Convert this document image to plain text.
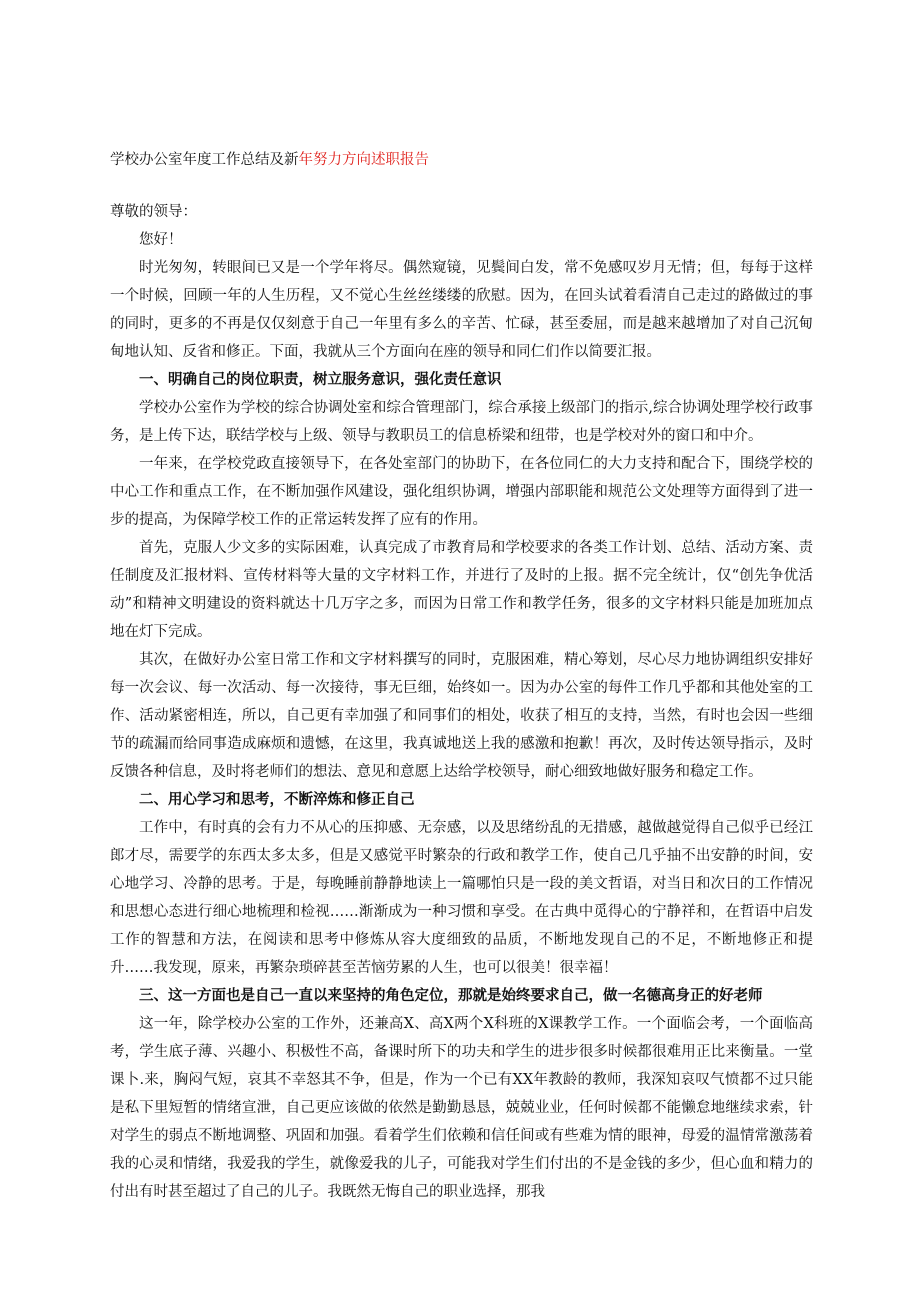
学校办公室年度工作总结及新年努力方向述职报告

尊敬的领导：

您好！

时光匆匆，转眼间已又是一个学年将尽。偶然窥镜，见鬓间白发，常不免感叹岁月无情；但，每每于这样一个时候，回顾一年的人生历程，又不觉心生丝丝缕缕的欣慰。因为，在回头试着看清自己走过的路做过的事的同时，更多的不再是仅仅刻意于自己一年里有多么的辛苦、忙碌，甚至委屈，而是越来越增加了对自己沉甸甸地认知、反省和修正。下面，我就从三个方面向在座的领导和同仁们作以简要汇报。

一、明确自己的岗位职责，树立服务意识，强化责任意识

学校办公室作为学校的综合协调处室和综合管理部门，综合承接上级部门的指示,综合协调处理学校行政事务，是上传下达，联结学校与上级、领导与教职员工的信息桥梁和纽带，也是学校对外的窗口和中介。

一年来，在学校党政直接领导下，在各处室部门的协助下，在各位同仁的大力支持和配合下，围绕学校的中心工作和重点工作，在不断加强作风建设，强化组织协调，增强内部职能和规范公文处理等方面得到了进一步的提高，为保障学校工作的正常运转发挥了应有的作用。

首先，克服人少文多的实际困难，认真完成了市教育局和学校要求的各类工作计划、总结、活动方案、责任制度及汇报材料、宣传材料等大量的文字材料工作，并进行了及时的上报。据不完全统计，仅“创先争优活动”和精神文明建设的资料就达十几万字之多，而因为日常工作和教学任务，很多的文字材料只能是加班加点地在灯下完成。

其次，在做好办公室日常工作和文字材料撰写的同时，克服困难，精心筹划，尽心尽力地协调组织安排好每一次会议、每一次活动、每一次接待，事无巨细，始终如一。因为办公室的每件工作几乎都和其他处室的工作、活动紧密相连，所以，自己更有幸加强了和同事们的相处，收获了相互的支持，当然，有时也会因一些细节的疏漏而给同事造成麻烦和遗憾，在这里，我真诚地送上我的感激和抱歉！再次，及时传达领导指示，及时反馈各种信息，及时将老师们的想法、意见和意愿上达给学校领导，耐心细致地做好服务和稳定工作。

二、用心学习和思考，不断淬炼和修正自己

工作中，有时真的会有力不从心的压抑感、无奈感，以及思绪纷乱的无措感，越做越觉得自己似乎已经江郎才尽，需要学的东西太多太多，但是又感觉平时繁杂的行政和教学工作，使自己几乎抽不出安静的时间，安心地学习、冷静的思考。于是，每晚睡前静静地读上一篇哪怕只是一段的美文哲语，对当日和次日的工作情况和思想心态进行细心地梳理和检视……渐渐成为一种习惯和享受。在古典中觅得心的宁静祥和，在哲语中启发工作的智慧和方法，在阅读和思考中修炼从容大度细致的品质，不断地发现自己的不足，不断地修正和提升……我发现，原来，再繁杂琐碎甚至苦恼劳累的人生，也可以很美！很幸福！

三、这一方面也是自己一直以来坚持的角色定位，那就是始终要求自己，做一名德高身正的好老师

这一年，除学校办公室的工作外，还兼高X、高X两个X科班的X课教学工作。一个面临会考，一个面临高考，学生底子薄、兴趣小、积极性不高，备课时所下的功夫和学生的进步很多时候都很难用正比来衡量。一堂课卜.来，胸闷气短，哀其不幸怒其不争，但是，作为一个已有XX年教龄的教师，我深知哀叹气愤都不过只能是私下里短暂的情绪宣泄，自己更应该做的依然是勤勤恳恳，兢兢业业，任何时候都不能懒怠地继续求索，针对学生的弱点不断地调整、巩固和加强。看着学生们依赖和信任间或有些难为情的眼神，母爱的温情常激荡着我的心灵和情绪，我爱我的学生，就像爱我的儿子，可能我对学生们付出的不是金钱的多少，但心血和精力的付出有时甚至超过了自己的儿子。我既然无悔自己的职业选择，那我
